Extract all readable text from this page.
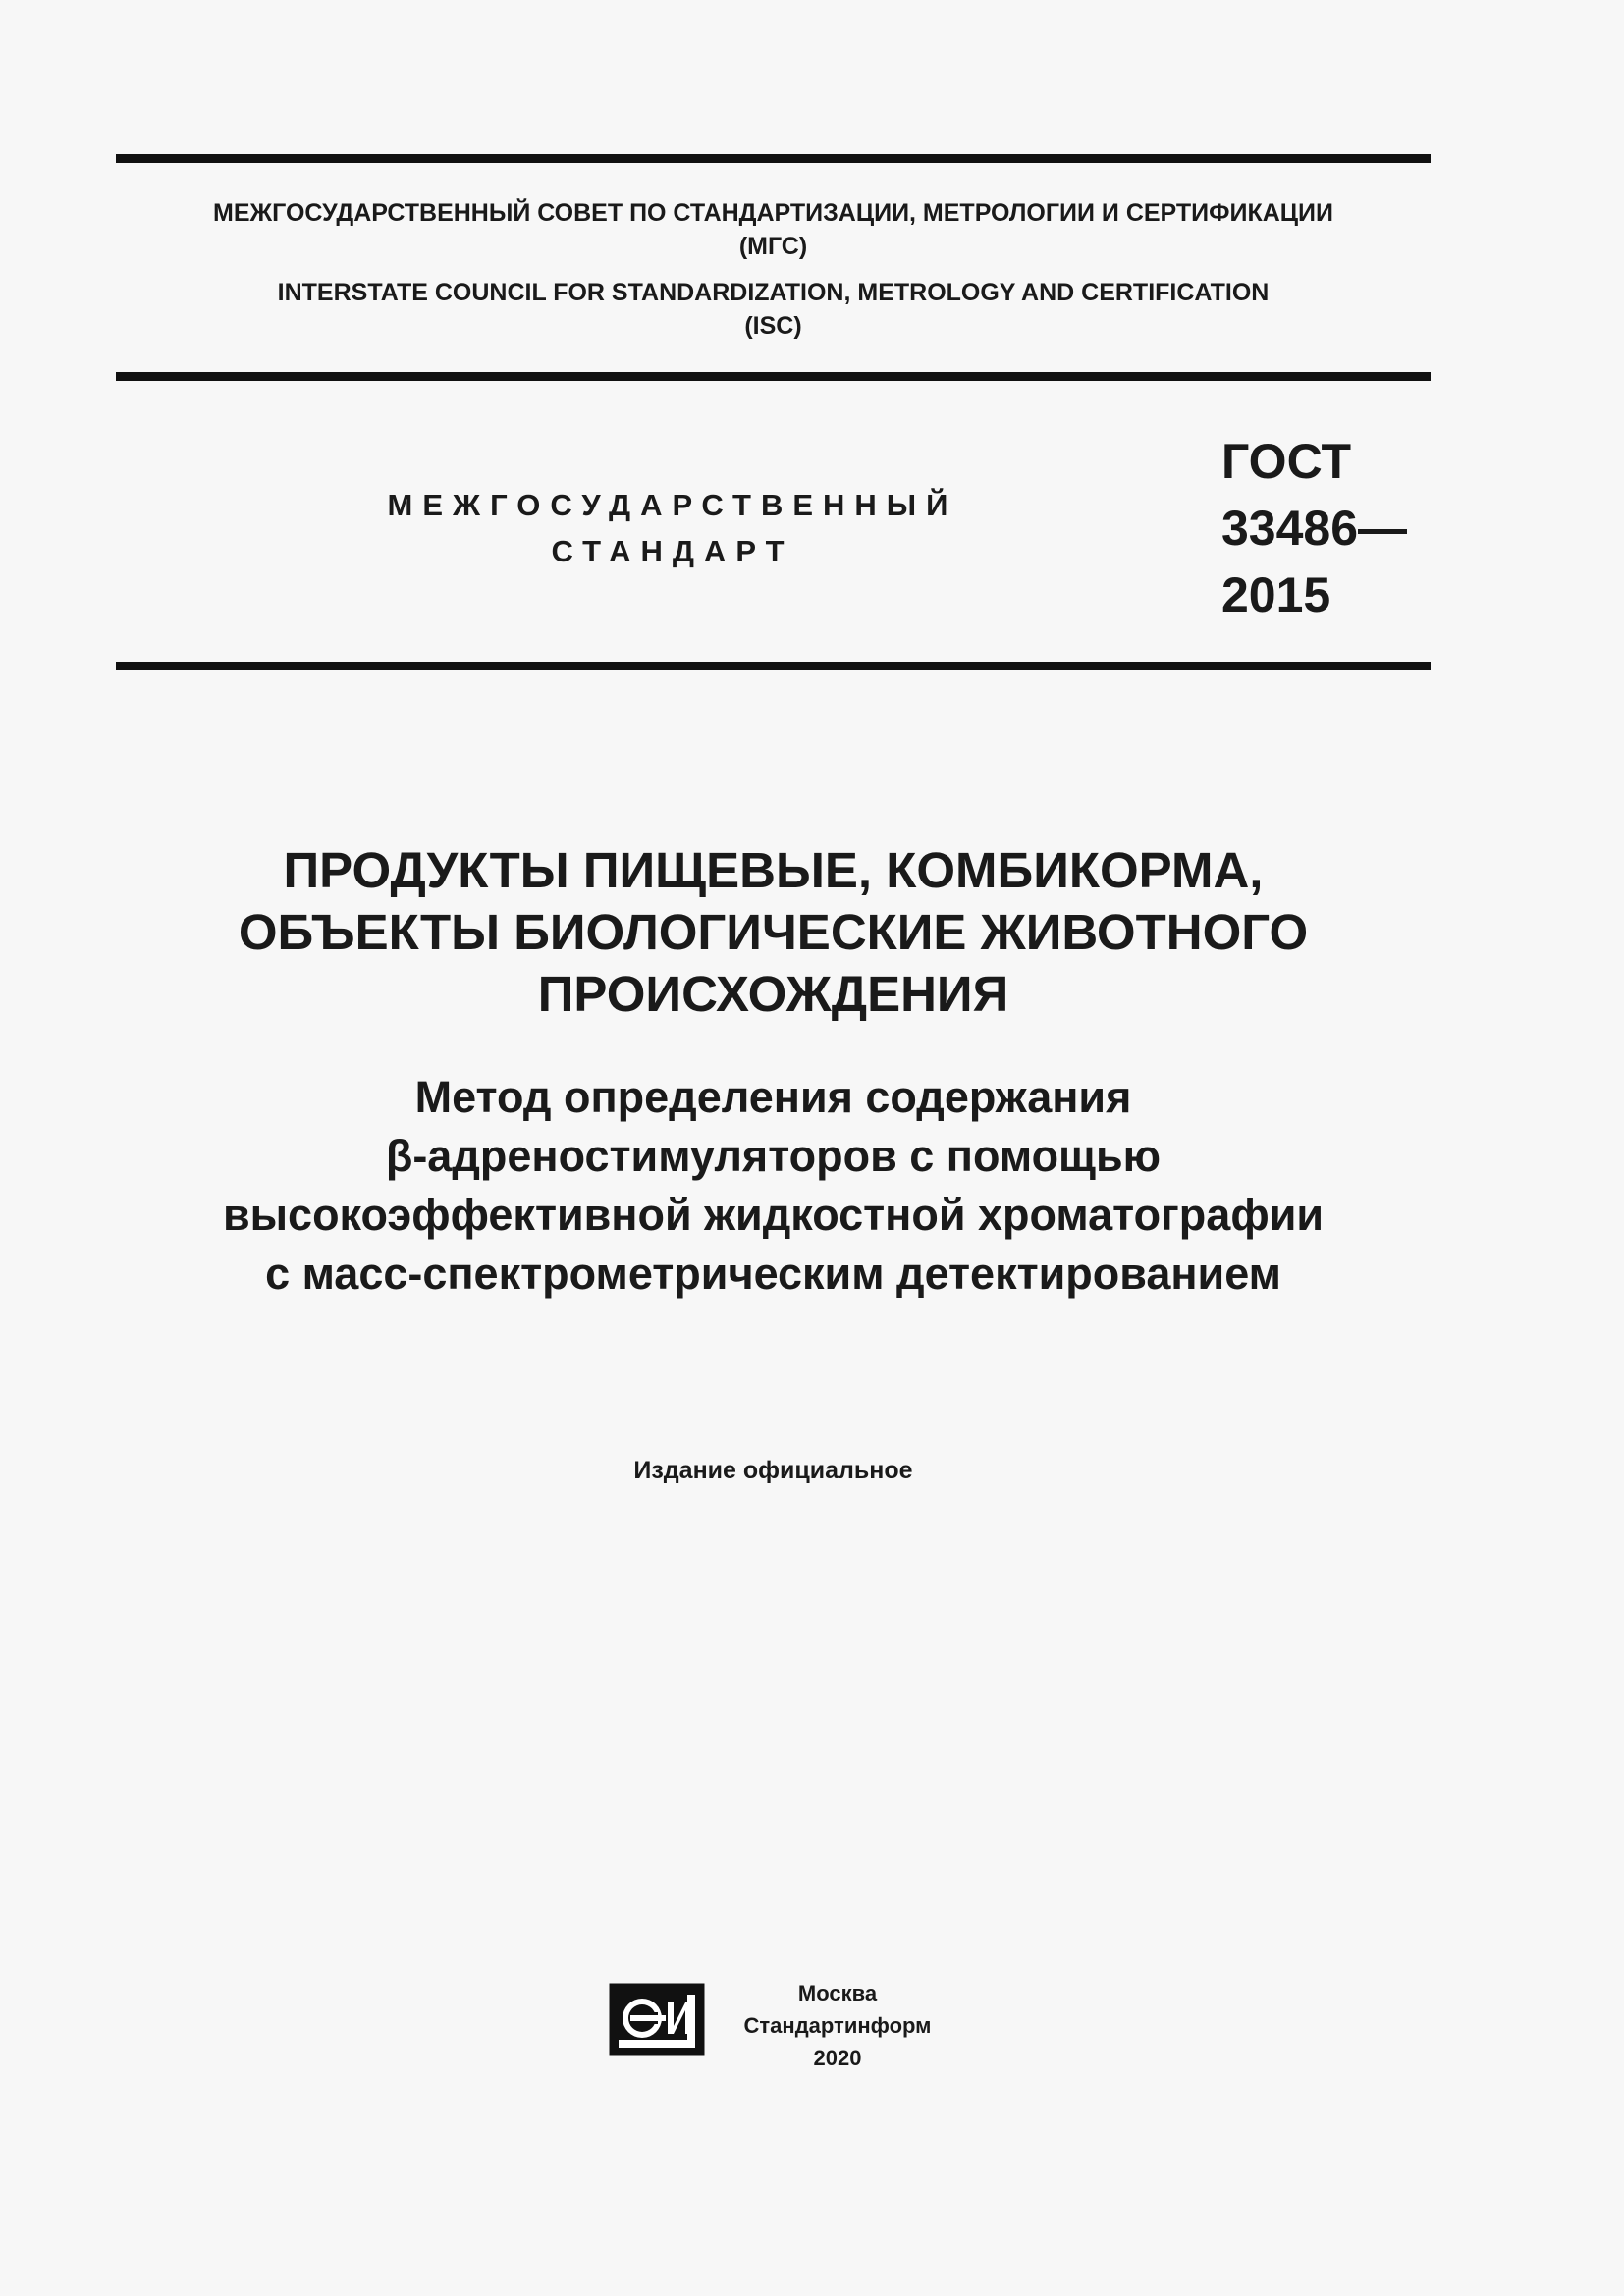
МЕЖГОСУДАРСТВЕННЫЙ СОВЕТ ПО СТАНДАРТИЗАЦИИ, МЕТРОЛОГИИ И СЕРТИФИКАЦИИ
(МГС)
INTERSTATE COUNCIL FOR STANDARDIZATION, METROLOGY AND CERTIFICATION
(ISC)
МЕЖГОСУДАРСТВЕННЫЙ
СТАНДАРТ
ГОСТ
33486—
2015
ПРОДУКТЫ ПИЩЕВЫЕ, КОМБИКОРМА,
ОБЪЕКТЫ БИОЛОГИЧЕСКИЕ ЖИВОТНОГО
ПРОИСХОЖДЕНИЯ
Метод определения содержания
β-адреностимуляторов с помощью
высокоэффективной жидкостной хроматографии
с масс-спектрометрическим детектированием
Издание официальное
Москва
Стандартинформ
2020
